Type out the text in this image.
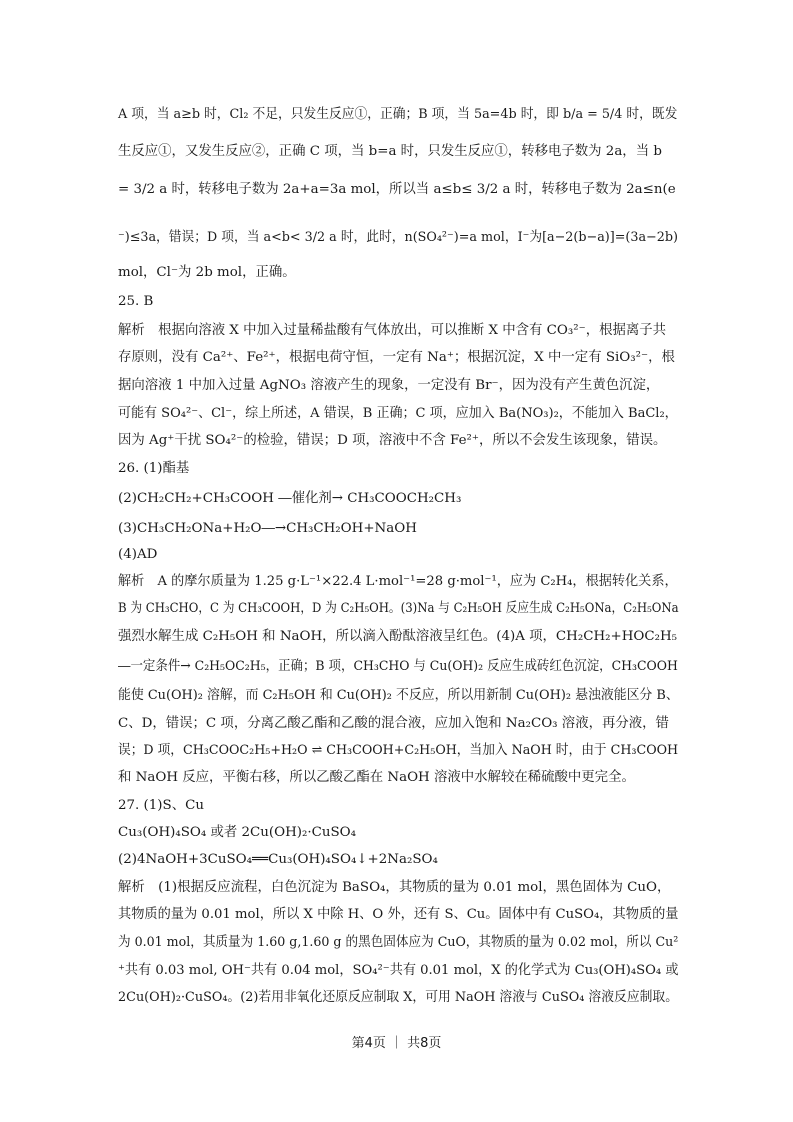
A 项，当 a≥b 时，Cl₂ 不足，只发生反应①，正确；B 项，当 5a=4b 时，即 b/a = 5/4 时，既发
生反应①，又发生反应②，正确 C 项，当 b=a 时，只发生反应①，转移电子数为 2a，当 b
= 3/2 a 时，转移电子数为 2a+a=3a mol，所以当 a≤b≤ 3/2 a 时，转移电子数为 2a≤n(e
⁻)≤3a，错误；D 项，当 a<b< 3/2 a 时，此时，n(SO₄²⁻)=a mol，I⁻为[a−2(b−a)]=(3a−2b)
mol，Cl⁻为 2b mol，正确。
25. B
解析　根据向溶液 X 中加入过量稀盐酸有气体放出，可以推断 X 中含有 CO₃²⁻，根据离子共
存原则，没有 Ca²⁺、Fe²⁺，根据电荷守恒，一定有 Na⁺；根据沉淀，X 中一定有 SiO₃²⁻，根
据向溶液 1 中加入过量 AgNO₃ 溶液产生的现象，一定没有 Br⁻，因为没有产生黄色沉淀，
可能有 SO₄²⁻、Cl⁻，综上所述，A 错误，B 正确；C 项，应加入 Ba(NO₃)₂，不能加入 BaCl₂，
因为 Ag⁺干扰 SO₄²⁻的检验，错误；D 项，溶液中不含 Fe²⁺，所以不会发生该现象，错误。
26. (1)酯基
(2)CH₂CH₂+CH₃COOH ―催化剂→ CH₃COOCH₂CH₃
(3)CH₃CH₂ONa+H₂O―→CH₃CH₂OH+NaOH
(4)AD
解析　A 的摩尔质量为 1.25 g·L⁻¹×22.4 L·mol⁻¹=28 g·mol⁻¹，应为 C₂H₄，根据转化关系，
B 为 CH₃CHO，C 为 CH₃COOH，D 为 C₂H₅OH。(3)Na 与 C₂H₅OH 反应生成 C₂H₅ONa，C₂H₅ONa
强烈水解生成 C₂H₅OH 和 NaOH，所以滴入酚酞溶液呈红色。(4)A 项，CH₂CH₂+HOC₂H₅
―一定条件→ C₂H₅OC₂H₅，正确；B 项，CH₃CHO 与 Cu(OH)₂ 反应生成砖红色沉淀，CH₃COOH
能使 Cu(OH)₂ 溶解，而 C₂H₅OH 和 Cu(OH)₂ 不反应，所以用新制 Cu(OH)₂ 悬浊液能区分 B、
C、D，错误；C 项，分离乙酸乙酯和乙酸的混合液，应加入饱和 Na₂CO₃ 溶液，再分液，错
误；D 项，CH₃COOC₂H₅+H₂O ⇌ CH₃COOH+C₂H₅OH，当加入 NaOH 时，由于 CH₃COOH
和 NaOH 反应，平衡右移，所以乙酸乙酯在 NaOH 溶液中水解较在稀硫酸中更完全。
27. (1)S、Cu
Cu₃(OH)₄SO₄ 或者 2Cu(OH)₂·CuSO₄
(2)4NaOH+3CuSO₄══Cu₃(OH)₄SO₄↓+2Na₂SO₄
解析　(1)根据反应流程，白色沉淀为 BaSO₄，其物质的量为 0.01 mol，黑色固体为 CuO，
其物质的量为 0.01 mol，所以 X 中除 H、O 外，还有 S、Cu。固体中有 CuSO₄，其物质的量
为 0.01 mol，其质量为 1.60 g,1.60 g 的黑色固体应为 CuO，其物质的量为 0.02 mol，所以 Cu²
⁺共有 0.03 mol, OH⁻共有 0.04 mol，SO₄²⁻共有 0.01 mol，X 的化学式为 Cu₃(OH)₄SO₄ 或
2Cu(OH)₂·CuSO₄。(2)若用非氧化还原反应制取 X，可用 NaOH 溶液与 CuSO₄ 溶液反应制取。
第4页 ｜ 共8页
